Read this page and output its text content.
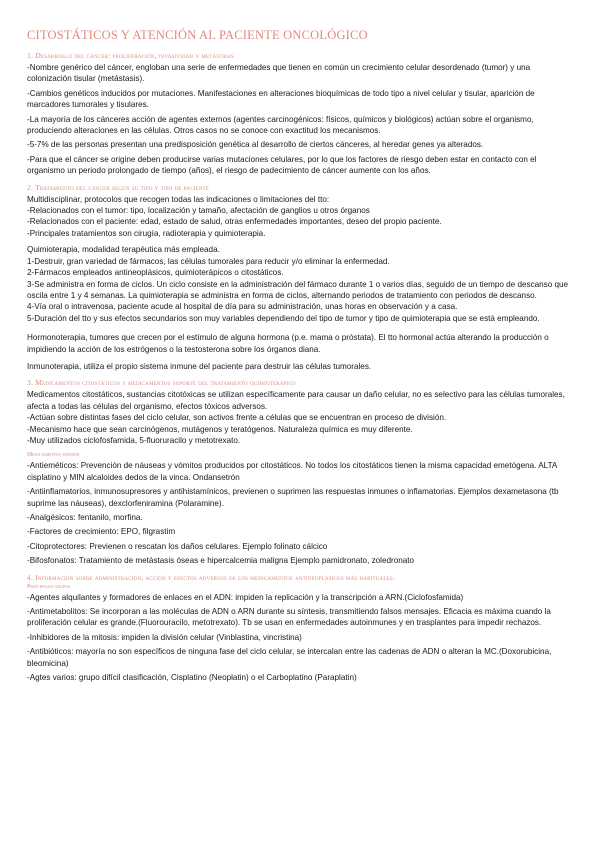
CITOSTÁTICOS Y ATENCIÓN AL PACIENTE ONCOLÓGICO
1. Desarrollo del cáncer: proliferación, invasividad y metástasis

-Nombre genérico del cáncer, engloban una serie de enfermedades que tienen en común un crecimiento celular desordenado (tumor) y una colonización tisular (metástasis).

-Cambios genéticos inducidos por mutaciones. Manifestaciones en alteraciones bioquímicas de todo tipo a nivel celular y tisular, aparición de marcadores tumorales y tisulares.

-La mayoría de los cánceres acción de agentes externos (agentes carcinogénicos: físicos, químicos y biológicos) actúan sobre el organismo, produciendo alteraciones en las células. Otros casos no se conoce con exactitud los mecanismos.

-5-7% de las personas presentan una predisposición genética al desarrollo de ciertos cánceres, al heredar genes ya alterados.

-Para que el cáncer se origine deben producirse varias mutaciones celulares, por lo que los factores de riesgo deben estar en contacto con el organismo un periodo prolongado de tiempo (años), el riesgo de padecimiento de cáncer aumente con los años.

2. Tratamiento del cáncer según su tipo y tipo de paciente

Multidisciplinar, protocolos que recogen todas las indicaciones o limitaciones del tto:

-Relacionados con el tumor: tipo, localización y tamaño, afectación de ganglios u otros órganos

-Relacionados con el paciente: edad, estado de salud, otras enfermedades importantes, deseo del propio paciente.

-Principales tratamientos son cirugía, radioterapia y quimioterapia.

Quimioterapia, modalidad terapéutica más empleada.

1-Destruir, gran variedad de fármacos, las células tumorales para reducir y/o eliminar la enfermedad.

2-Fármacos empleados antineoplásicos, quimioterápicos o citostáticos.

3-Se administra en forma de ciclos. Un ciclo consiste en la administración del fármaco durante 1 o varios días, seguido de un tiempo de descanso que oscila entre 1 y 4 semanas. La quimioterapia se administra en forma de ciclos, alternando periodos de tratamiento con periodos de descanso.

4-Vía oral o intravenosa, paciente acude al hospital de día para su administración, unas horas en observación y a casa.

5-Duración del tto y sus efectos secundarios son muy variables dependiendo del tipo de tumor y tipo de quimioterapia que se está empleando.

Hormonoterapia, tumores que crecen por el estímulo de alguna hormona (p.e. mama o próstata). El tto hormonal actúa alterando la producción o impidiendo la acción de los estrógenos o la testosterona sobre los órganos diana.

Inmunoterapia, utiliza el propio sistema inmune del paciente para destruir las células tumorales.

3. Medicamentos citostáticos y medicamentos soporte del tratamiento quimioterápico

Medicamentos citostáticos, sustancias citotóxicas se utilizan específicamente para causar un daño celular, no es selectivo para las células tumorales, afecta a todas las células del organismo, efectos tóxicos adversos.

-Actúan sobre distintas fases del ciclo celular, son activos frente a células que se encuentran en proceso de división.

-Mecanismo hace que sean carcinógenos, mutágenos y teratógenos. Naturaleza química es muy diferente.

-Muy utilizados ciclofosfamida, 5-fluoruracilo y metotrexato.

Medicamentos soporte

-Antieméticos: Prevención de náuseas y vómitos producidos por citostáticos. No todos los citostáticos tienen la misma capacidad emetógena. ALTA cisplatino y MIN alcaloides dedos de la vinca. Ondansetrón

-Antiinflamatorios, inmunosupresores y antihistamínicos, previenen o suprimen las respuestas inmunes o inflamatorias. Ejemplos dexametasona (tb suprime las náuseas), dexclorfeniramina (Polaramine).

-Analgésicos: fentanilo, morfina.

-Factores de crecimiento: EPO, filgrastim

-Citoprotectores: Previenen o rescatan los daños celulares. Ejemplo folinato cálcico

-Bifosfonatos: Tratamiento de metástasis óseas e hipercalcemia maligna Ejemplo pamidronato, zoledronato

4. Información sobre administración, acción y efectos adversos de los medicamentos antineoplásicos más habituales.
Principales grupos

-Agentes alquilantes y formadores de enlaces en el ADN: impiden la replicación y la transcripción a ARN.(Ciclofosfamida)

-Antimetabolitos: Se incorporan a las moléculas de ADN o ARN durante su síntesis, transmitiendo falsos mensajes. Eficacia es máxima cuando la proliferación celular es grande.(Fluorouracilo, metotrexato). Tb se usan en enfermedades autoinmunes y en trasplantes para impedir rechazos.

-Inhibidores de la mitosis: impiden la división celular (Vinblastina, vincristina)

-Antibióticos: mayoría no son específicos de ninguna fase del ciclo celular, se intercalan entre las cadenas de ADN o alteran la MC.(Doxorubicina, bleomicina)

-Agtes varios: grupo difícil clasificación, Cisplatino (Neoplatin) o el Carboplatino (Paraplatin)
